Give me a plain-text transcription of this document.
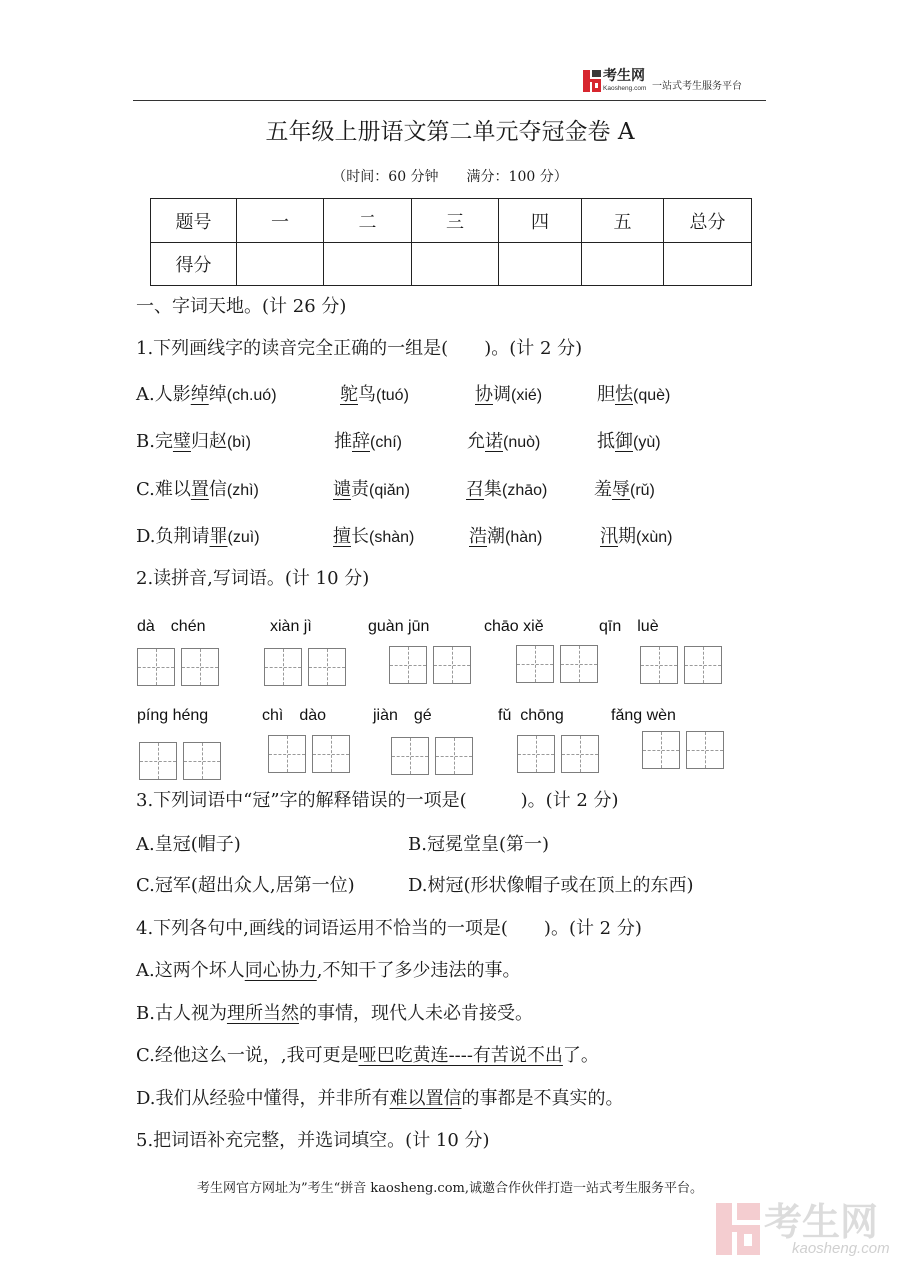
考生网
Kaosheng.com 一站式考生服务平台
五年级上册语文第二单元夺冠金卷 A
（时间：60 分钟　　满分：100 分）
题号	一	二	三	四	五	总分
得分						
一、字词天地。(计 26 分)
1.下列画线字的读音完全正确的一组是(　　)。(计 2 分)
A.人影绰绰(ch.uó)	鸵鸟(tuó)	协调(xié)	胆怯(què)
B.完璧归赵(bì)	推辞(chí)	允诺(nuò)	抵御(yù)
C.难以置信(zhì)	谴责(qiǎn)	召集(zhāo)	羞辱(rǔ)
D.负荆请罪(zuì)	擅长(shàn)	浩潮(hàn)	汛期(xùn)
2.读拼音,写词语。(计 10 分)
dà　chén	xiàn jì	guàn jūn	chāo xiě	qīn　luè
píng héng	chì　dào	jiàn　gé	fǔ  chōng	fǎng wèn
3.下列词语中“冠”字的解释错误的一项是(　　　)。(计 2 分)
A.皇冠(帽子)	B.冠冕堂皇(第一)
C.冠军(超出众人,居第一位)	D.树冠(形状像帽子或在顶上的东西)
4.下列各句中,画线的词语运用不恰当的一项是(　　)。(计 2 分)
A.这两个坏人同心协力,不知干了多少违法的事。
B.古人视为理所当然的事情，现代人未必肯接受。
C.经他这么一说，,我可更是哑巴吃黄连----有苦说不出了。
D.我们从经验中懂得，并非所有难以置信的事都是不真实的。
5.把词语补充完整，并选词填空。(计 10 分)
考生网官方网址为”考生“拼音 kaosheng.com,诚邀合作伙伴打造一站式考生服务平台。
考生网
kaosheng.com
